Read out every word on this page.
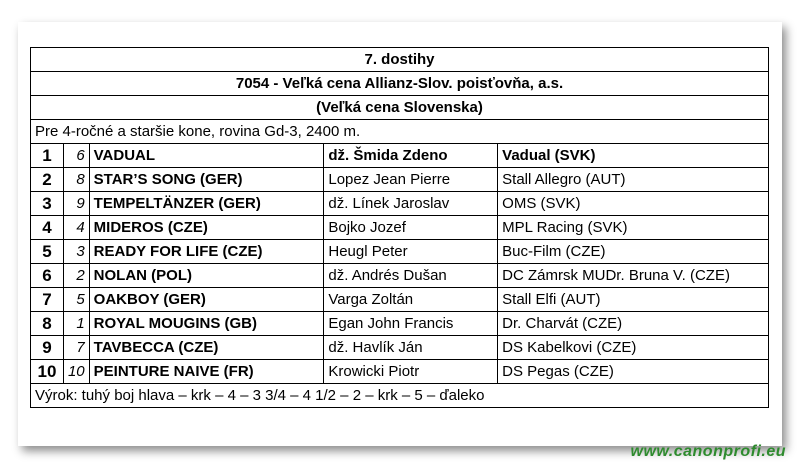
7. dostihy				
7054 - Veľká cena Allianz-Slov. poisťovňa, a.s.				
(Veľká cena Slovenska)				
Pre 4-ročné a staršie kone, rovina Gd-3, 2400 m.				
1	6	VADUAL	dž. Šmida Zdeno	Vadual (SVK)
2	8	STAR’S SONG (GER)	Lopez Jean Pierre	Stall Allegro (AUT)
3	9	TEMPELTÄNZER (GER)	dž. Línek Jaroslav	OMS (SVK)
4	4	MIDEROS (CZE)	Bojko Jozef	MPL Racing (SVK)
5	3	READY FOR LIFE (CZE)	Heugl Peter	Buc-Film (CZE)
6	2	NOLAN (POL)	dž. Andrés Dušan	DC Zámrsk MUDr. Bruna V. (CZE)
7	5	OAKBOY (GER)	Varga Zoltán	Stall Elfi (AUT)
8	1	ROYAL MOUGINS (GB)	Egan John Francis	Dr. Charvát (CZE)
9	7	TAVBECCA (CZE)	dž. Havlík Ján	DS Kabelkovi (CZE)
10	10	PEINTURE NAIVE (FR)	Krowicki Piotr	DS Pegas (CZE)
Výrok: tuhý boj hlava – krk – 4 – 3 3/4 – 4 1/2 – 2 – krk – 5 – ďaleko				
www.canonprofi.eu
